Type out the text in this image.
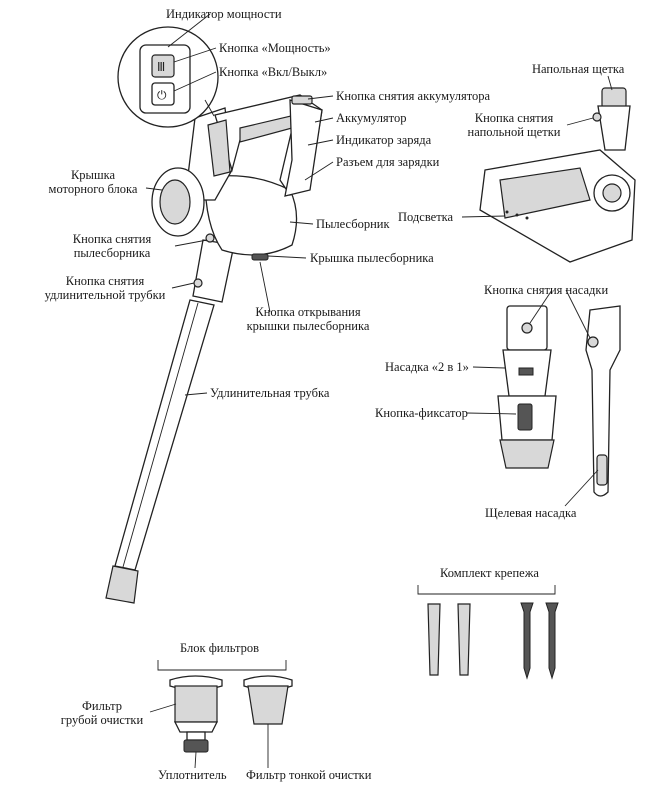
Ⅲ
⏻
Индикатор мощности
Кнопка «Мощность»
Кнопка «Вкл/Выкл»
Кнопка снятия аккумулятора
Аккумулятор
Индикатор заряда
Разъем для зарядки
Крышка
моторного блока
Пылесборник
Кнопка снятия
пылесборника	Крышка пылесборника
Кнопка снятия
удлинительной трубки
Кнопка открывания
крышки пылесборника
Удлинительная трубка
Напольная щетка
Кнопка снятия
напольной щетки
Подсветка
Кнопка снятия насадки
Насадка «2 в 1»
Кнопка-фиксатор
Щелевая насадка
Комплект крепежа
Блок фильтров
Фильтр
грубой очистки
Уплотнитель Фильтр тонкой очистки
